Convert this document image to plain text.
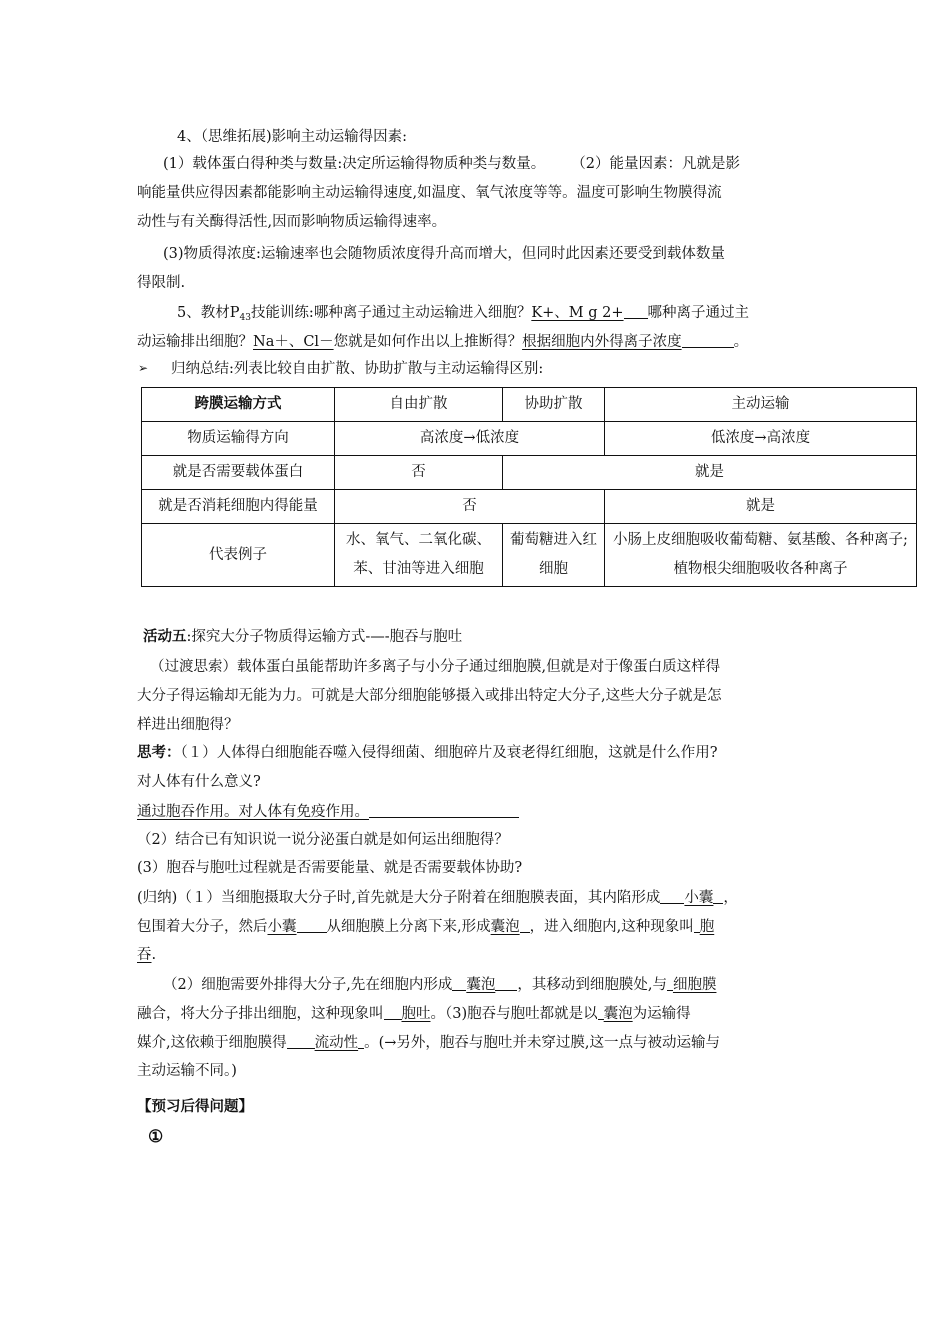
4、（思维拓展)影响主动运输得因素:
(1）载体蛋白得种类与数量:决定所运输得物质种类与数量。 （2）能量因素：凡就是影
响能量供应得因素都能影响主动运输得速度,如温度、氧气浓度等等。温度可影响生物膜得流
动性与有关酶得活性,因而影响物质运输得速率。
(3)物质得浓度:运输速率也会随物质浓度得升高而增大，但同时此因素还要受到载体数量
得限制.
5、教材$P_{43}$技能训练:哪种离子通过主动运输进入细胞？K+、M g 2+ 哪种离子通过主
动运输排出细胞？Na＋、Cl－您就是如何作出以上推断得？根据细胞内外得离子浓度	。
➢ 归纳总结:列表比较自由扩散、协助扩散与主动运输得区别:
跨膜运输方式	自由扩散	协助扩散	主动运输
物质运输得方向	高浓度→低浓度		低浓度→高浓度
就是否需要载体蛋白	否	就是	
就是否消耗细胞内得能量	否		就是
代表例子	水、氧气、二氧化碳、苯、甘油等进入细胞	葡萄糖进入红细胞	小肠上皮细胞吸收葡萄糖、氨基酸、各种离子;植物根尖细胞吸收各种离子
活动五:探究大分子物质得运输方式-—-胞吞与胞吐
（过渡思索）载体蛋白虽能帮助许多离子与小分子通过细胞膜,但就是对于像蛋白质这样得
大分子得运输却无能为力。可就是大部分细胞能够摄入或排出特定大分子,这些大分子就是怎
样进出细胞得？
思考：（１）人体得白细胞能吞噬入侵得细菌、细胞碎片及衰老得红细胞，这就是什么作用?
对人体有什么意义?
通过胞吞作用。对人体有免疫作用。
（2）结合已有知识说一说分泌蛋白就是如何运出细胞得？
(3）胞吞与胞吐过程就是否需要能量、就是否需要载体协助?
(归纳)（１）当细胞摄取大分子时,首先就是大分子附着在细胞膜表面，其内陷形成 小囊 ，
包围着大分子，然后小囊 从细胞膜上分离下来,形成囊泡 ，进入细胞内,这种现象叫 胞
吞.
（2）细胞需要外排得大分子,先在细胞内形成 囊泡 ，其移动到细胞膜处,与 细胞膜
融合，将大分子排出细胞，这种现象叫 胞吐。（3)胞吞与胞吐都就是以 囊泡为运输得
媒介,这依赖于细胞膜得 流动性 。(→另外，胞吞与胞吐并未穿过膜,这一点与被动运输与
主动运输不同。)
【预习后得问题】
①
